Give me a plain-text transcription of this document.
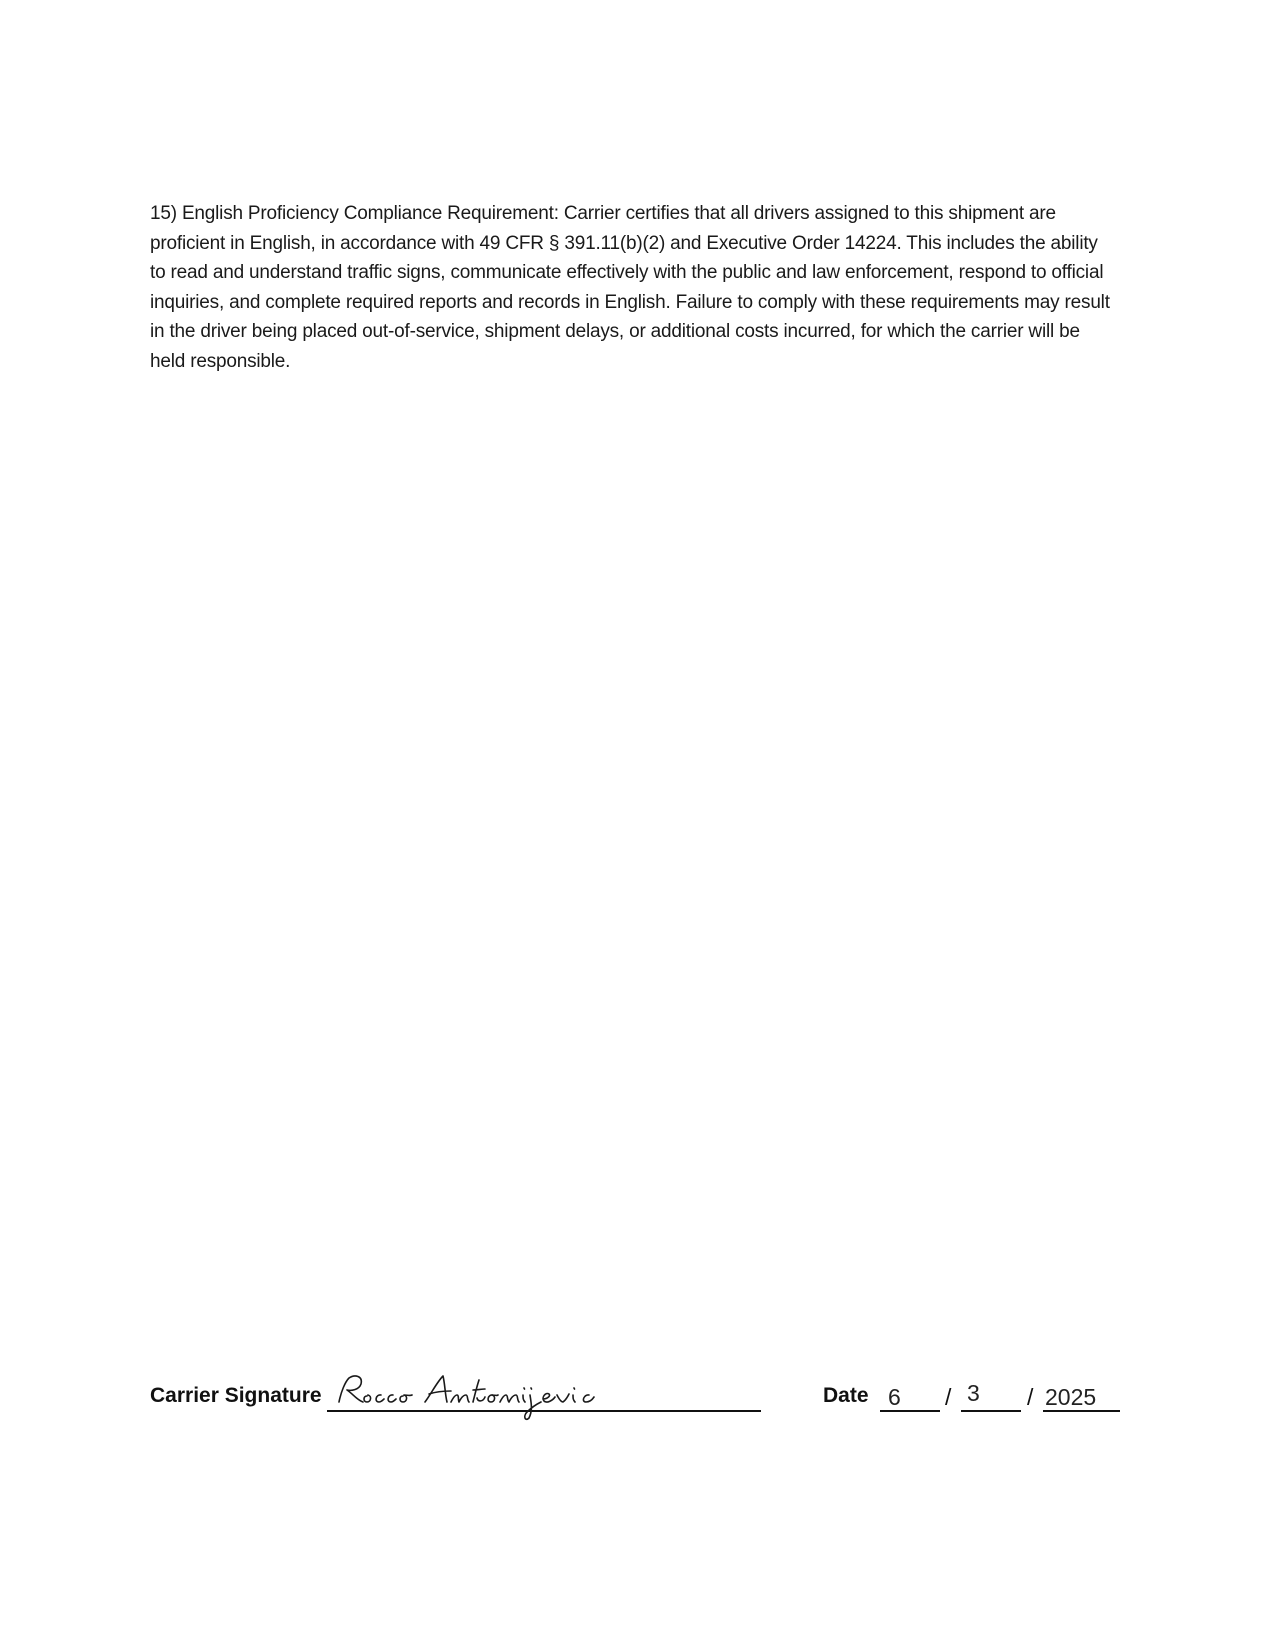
15) English Proficiency Compliance Requirement: Carrier certifies that all drivers assigned to this shipment are proficient in English, in accordance with 49 CFR § 391.11(b)(2) and Executive Order 14224. This includes the ability to read and understand traffic signs, communicate effectively with the public and law enforcement, respond to official inquiries, and complete required reports and records in English. Failure to comply with these requirements may result in the driver being placed out-of-service, shipment delays, or additional costs incurred, for which the carrier will be held responsible.

Carrier Signature	Date 6 / 3 / 2025
